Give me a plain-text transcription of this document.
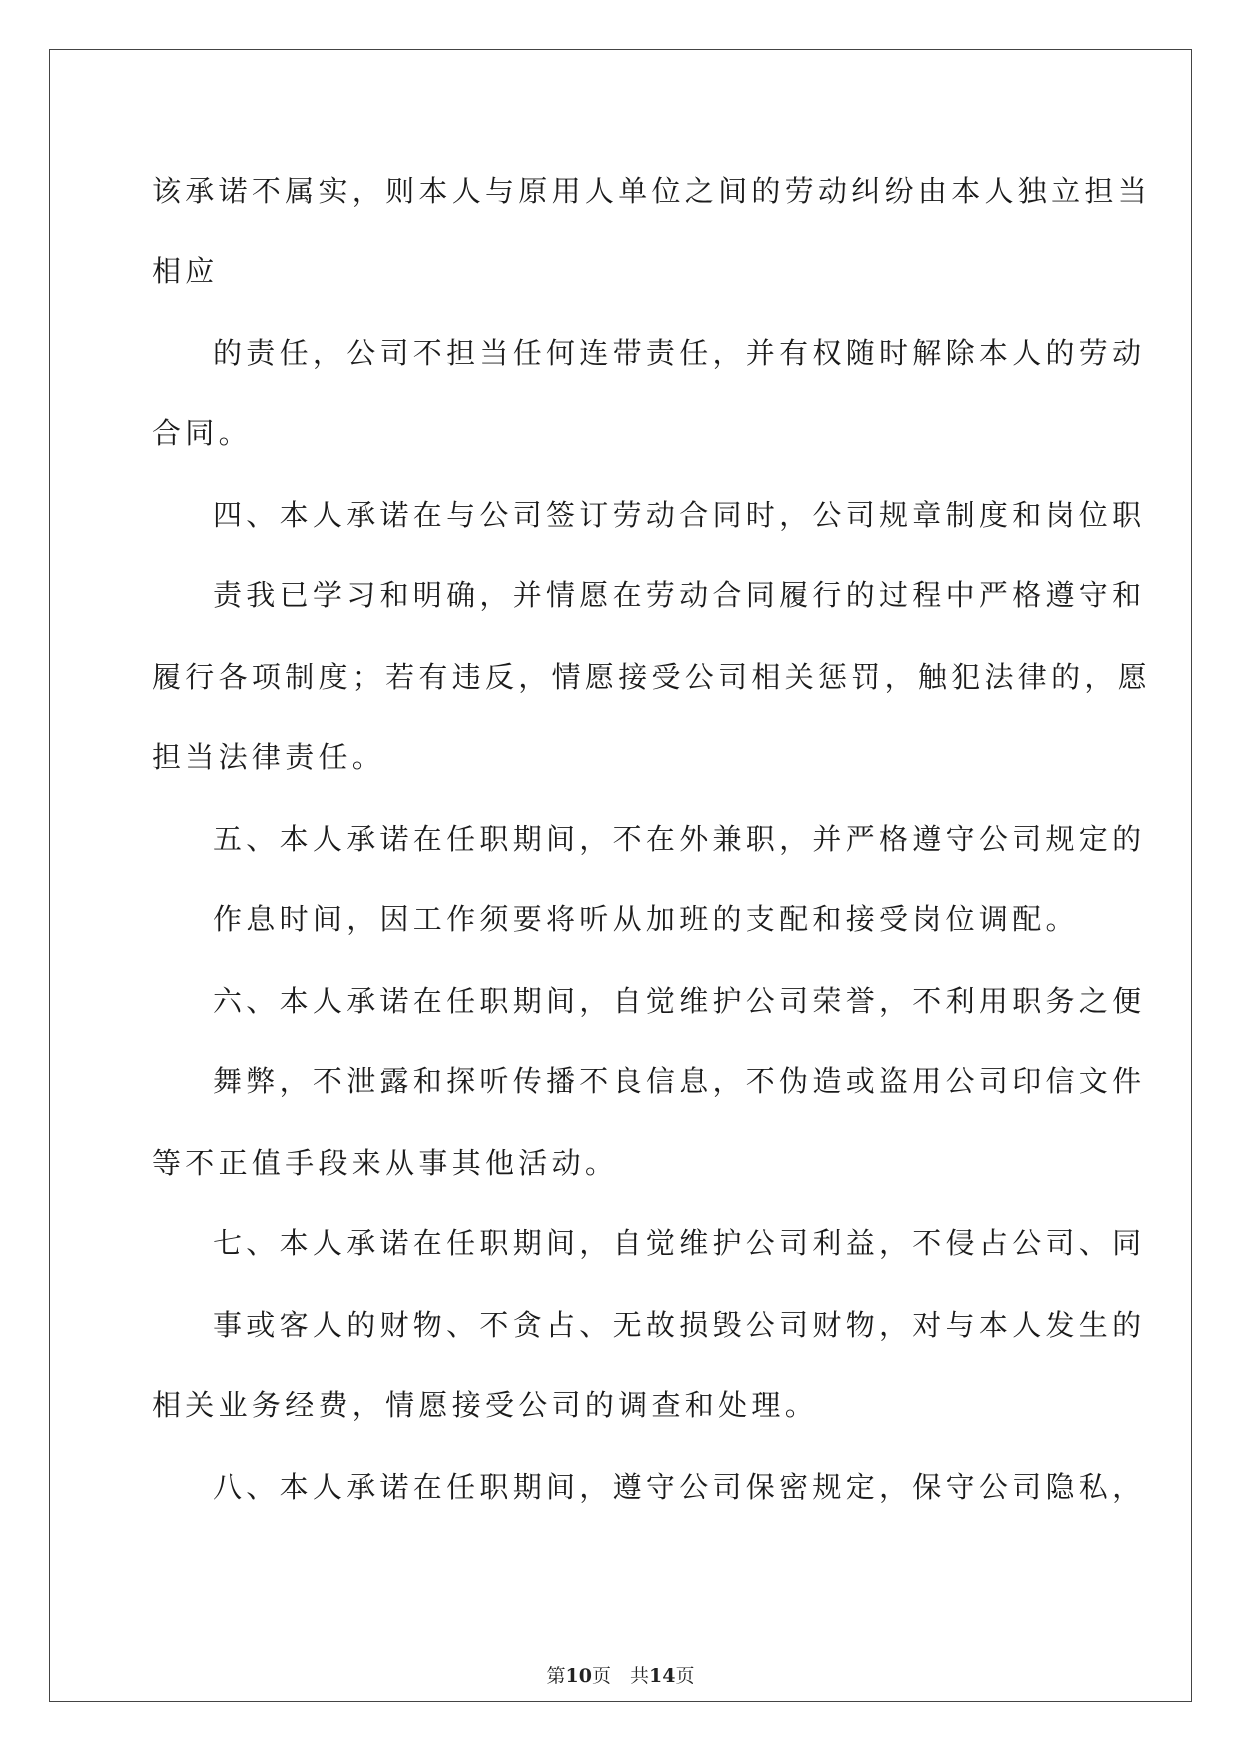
该承诺不属实，则本人与原用人单位之间的劳动纠纷由本人独立担当
相应
的责任，公司不担当任何连带责任，并有权随时解除本人的劳动
合同。
四、本人承诺在与公司签订劳动合同时，公司规章制度和岗位职
责我已学习和明确，并情愿在劳动合同履行的过程中严格遵守和
履行各项制度；若有违反，情愿接受公司相关惩罚，触犯法律的，愿
担当法律责任。
五、本人承诺在任职期间，不在外兼职，并严格遵守公司规定的
作息时间，因工作须要将听从加班的支配和接受岗位调配。
六、本人承诺在任职期间，自觉维护公司荣誉，不利用职务之便
舞弊，不泄露和探听传播不良信息，不伪造或盗用公司印信文件
等不正值手段来从事其他活动。
七、本人承诺在任职期间，自觉维护公司利益，不侵占公司、同
事或客人的财物、不贪占、无故损毁公司财物，对与本人发生的
相关业务经费，情愿接受公司的调查和处理。
八、本人承诺在任职期间，遵守公司保密规定，保守公司隐私，
第10页　共14页
